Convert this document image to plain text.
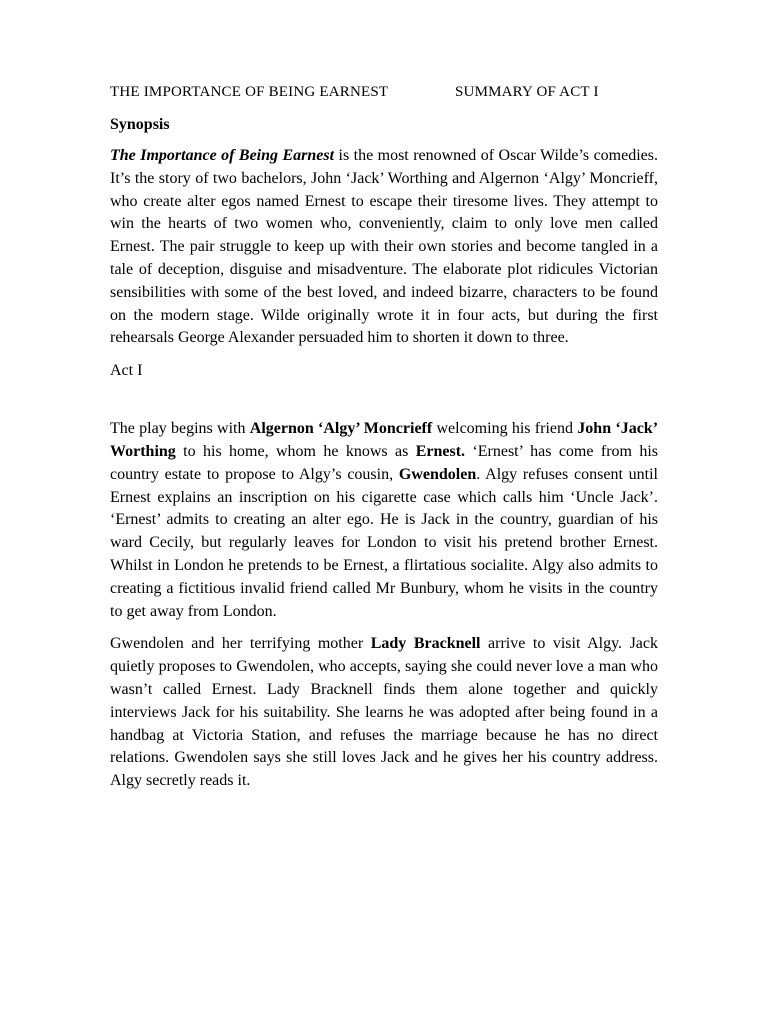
THE IMPORTANCE OF BEING EARNEST	SUMMARY OF ACT I
Synopsis

The Importance of Being Earnest is the most renowned of Oscar Wilde’s comedies. It’s the story of two bachelors, John ‘Jack’ Worthing and Algernon ‘Algy’ Moncrieff, who create alter egos named Ernest to escape their tiresome lives. They attempt to win the hearts of two women who, conveniently, claim to only love men called Ernest. The pair struggle to keep up with their own stories and become tangled in a tale of deception, disguise and misadventure. The elaborate plot ridicules Victorian sensibilities with some of the best loved, and indeed bizarre, characters to be found on the modern stage. Wilde originally wrote it in four acts, but during the first rehearsals George Alexander persuaded him to shorten it down to three.

Act I

The play begins with Algernon ‘Algy’ Moncrieff welcoming his friend John ‘Jack’ Worthing to his home, whom he knows as Ernest. ‘Ernest’ has come from his country estate to propose to Algy’s cousin, Gwendolen. Algy refuses consent until Ernest explains an inscription on his cigarette case which calls him ‘Uncle Jack’. ‘Ernest’ admits to creating an alter ego. He is Jack in the country, guardian of his ward Cecily, but regularly leaves for London to visit his pretend brother Ernest. Whilst in London he pretends to be Ernest, a flirtatious socialite. Algy also admits to creating a fictitious invalid friend called Mr Bunbury, whom he visits in the country to get away from London.

Gwendolen and her terrifying mother Lady Bracknell arrive to visit Algy. Jack quietly proposes to Gwendolen, who accepts, saying she could never love a man who wasn’t called Ernest. Lady Bracknell finds them alone together and quickly interviews Jack for his suitability. She learns he was adopted after being found in a handbag at Victoria Station, and refuses the marriage because he has no direct relations. Gwendolen says she still loves Jack and he gives her his country address. Algy secretly reads it.
